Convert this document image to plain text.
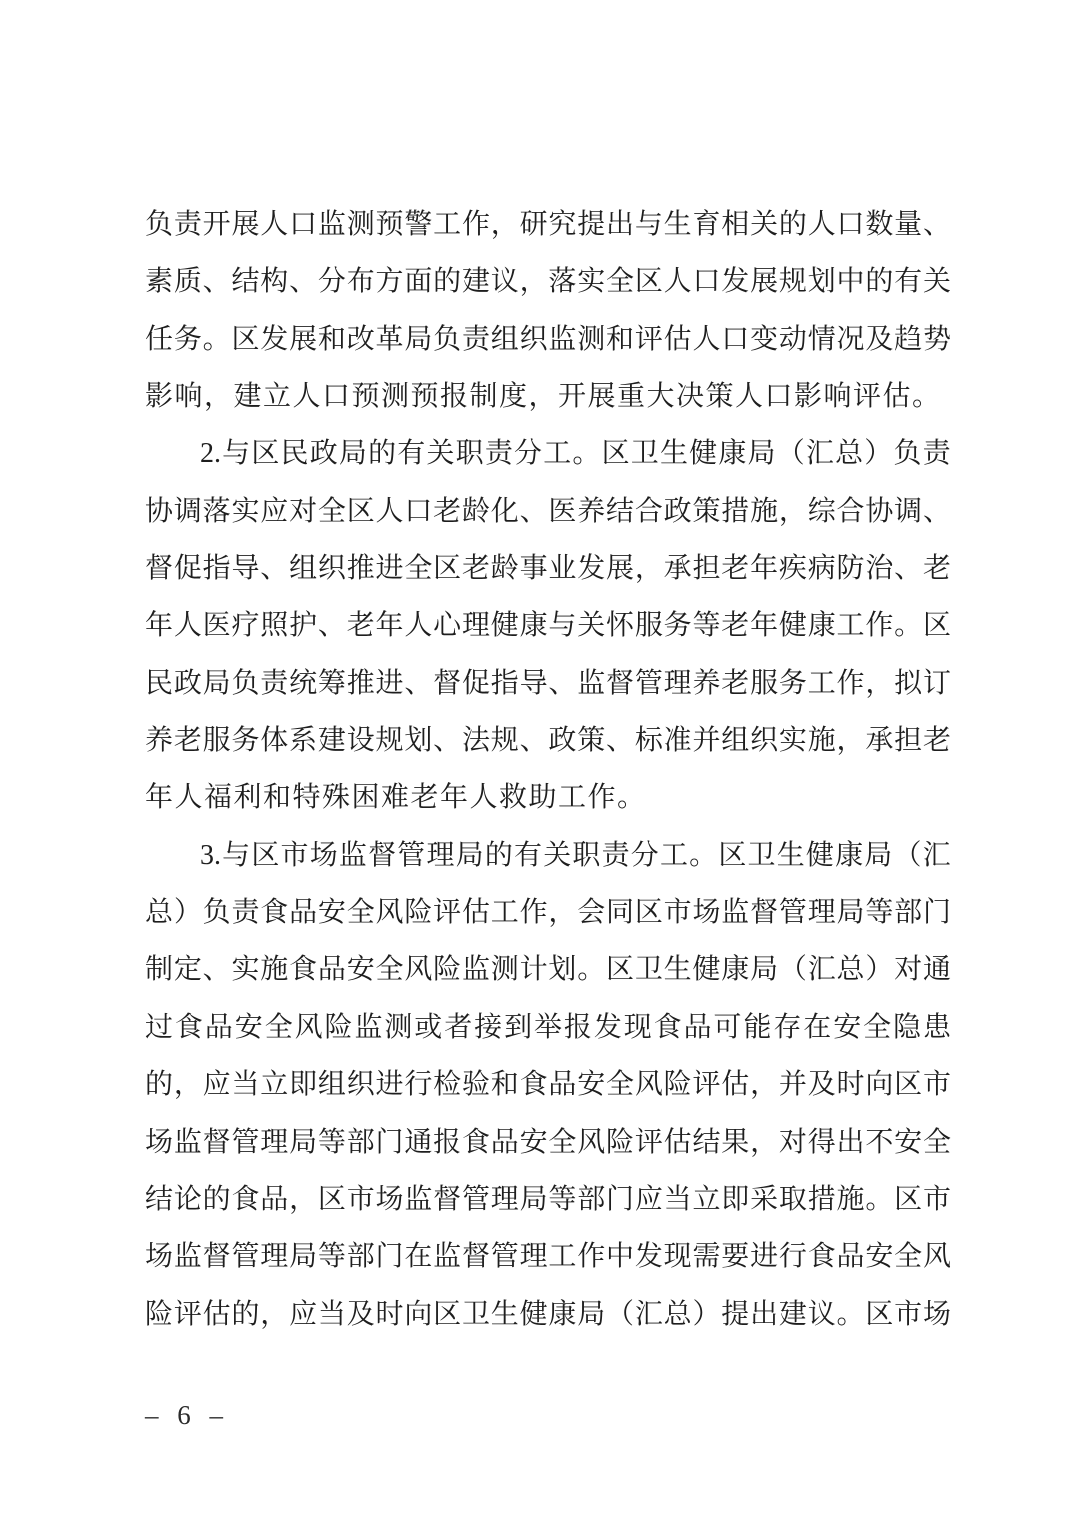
负 责 开 展 人 口 监 测 预 警 工 作 ， 研 究 提 出 与 生 育 相 关 的 人 口 数 量 、
素 质 、 结 构 、 分 布 方 面 的 建 议 ， 落 实 全 区 人 口 发 展 规 划 中 的 有 关
任 务 。 区 发 展 和 改 革 局 负 责 组 织 监 测 和 评 估 人 口 变 动 情 况 及 趋 势
影响，建立人口预测预报制度，开展重大决策人口影响评估。
2. 与 区 民 政 局 的 有 关 职 责 分 工 。 区 卫 生 健 康 局 （ 汇 总 ） 负 责
协 调 落 实 应 对 全 区 人 口 老 龄 化 、 医 养 结 合 政 策 措 施 ， 综 合 协 调 、
督 促 指 导 、 组 织 推 进 全 区 老 龄 事 业 发 展 ， 承 担 老 年 疾 病 防 治 、 老
年 人 医 疗 照 护 、 老 年 人 心 理 健 康 与 关 怀 服 务 等 老 年 健 康 工 作 。 区
民 政 局 负 责 统 筹 推 进 、 督 促 指 导 、 监 督 管 理 养 老 服 务 工 作 ， 拟 订
养 老 服 务 体 系 建 设 规 划 、 法 规 、 政 策 、 标 准 并 组 织 实 施 ， 承 担 老
年人福利和特殊困难老年人救助工作。
3. 与 区 市 场 监 督 管 理 局 的 有 关 职 责 分 工 。 区 卫 生 健 康 局 （ 汇
总 ） 负 责 食 品 安 全 风 险 评 估 工 作 ， 会 同 区 市 场 监 督 管 理 局 等 部 门
制 定 、 实 施 食 品 安 全 风 险 监 测 计 划 。 区 卫 生 健 康 局 （ 汇 总 ） 对 通
过 食 品 安 全 风 险 监 测 或 者 接 到 举 报 发 现 食 品 可 能 存 在 安 全 隐 患
的 ， 应 当 立 即 组 织 进 行 检 验 和 食 品 安 全 风 险 评 估 ， 并 及 时 向 区 市
场 监 督 管 理 局 等 部 门 通 报 食 品 安 全 风 险 评 估 结 果 ， 对 得 出 不 安 全
结 论 的 食 品 ， 区 市 场 监 督 管 理 局 等 部 门 应 当 立 即 采 取 措 施 。 区 市
场 监 督 管 理 局 等 部 门 在 监 督 管 理 工 作 中 发 现 需 要 进 行 食 品 安 全 风
险 评 估 的 ， 应 当 及 时 向 区 卫 生 健 康 局 （ 汇 总 ） 提 出 建 议 。 区 市 场
– 6 –
